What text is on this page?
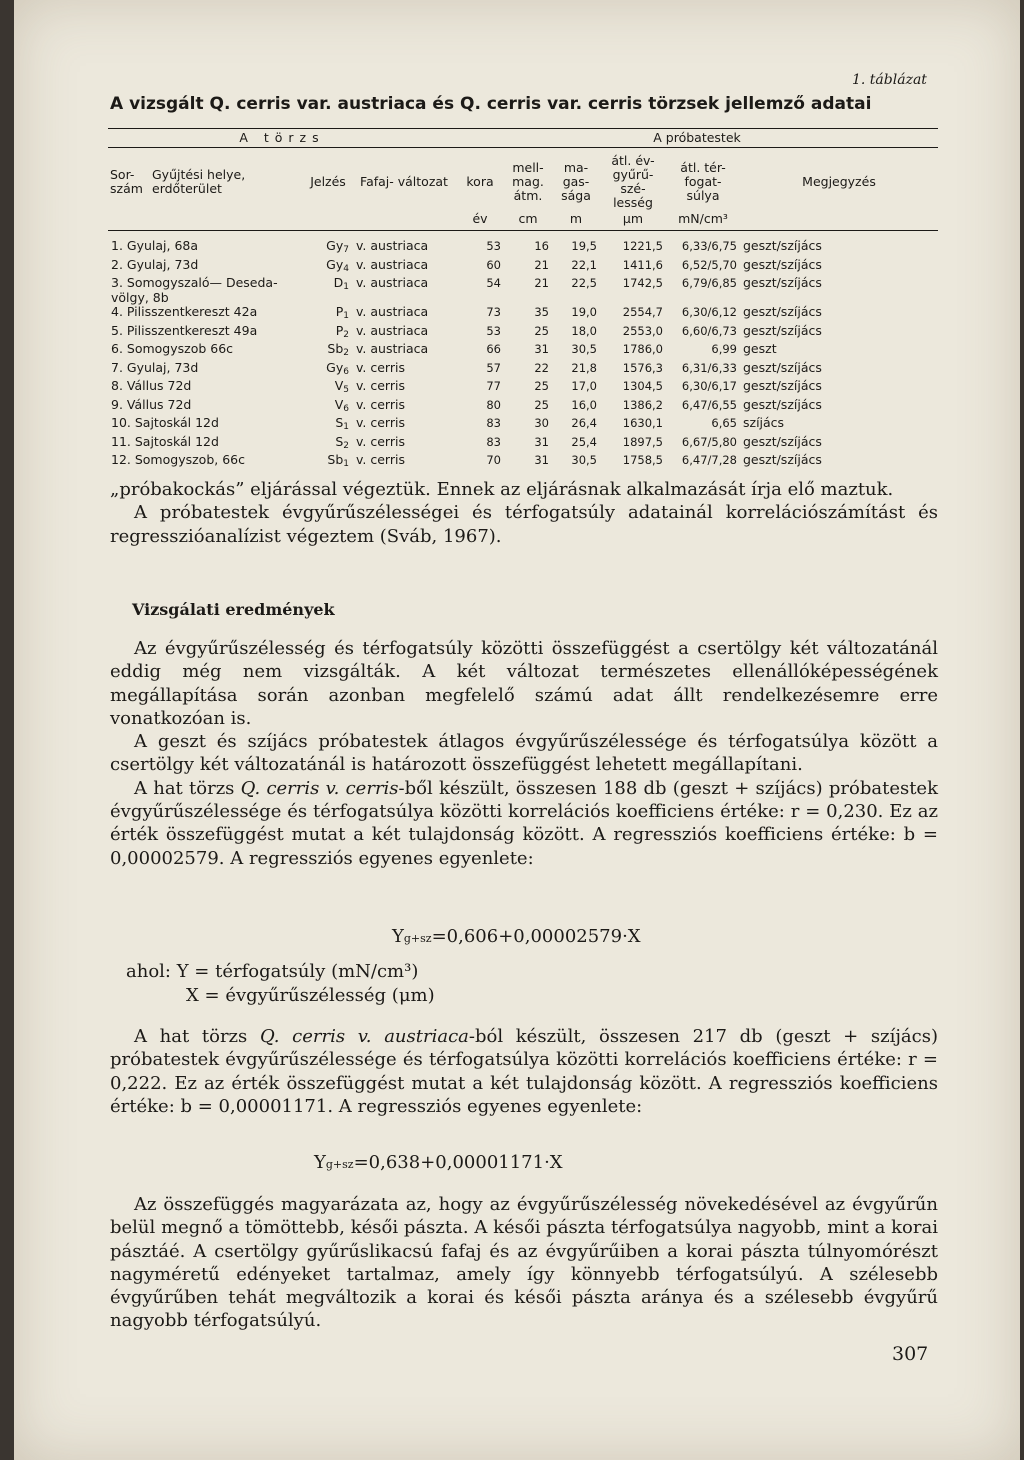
1. táblázat
A vizsgált Q. cerris var. austriaca és Q. cerris var. cerris törzsek jellemző adatai
A törzs				A próbatestek					
Sor- szám	Gyűjtési helye, erdőterület	Jelzés	Fafaj- változat	kora	mell- mag. átm.	ma- gas- sága	átl. év- gyűrű- szé- lesség	átl. tér- fogat- súlya	Megjegyzés
				év	cm	m	μm	mN/cm³	
1. Gyulaj, 68a		$Gy_7$	v. austriaca	53	16	19,5	1221,5	6,33/6,75	geszt/szíjács
2. Gyulaj, 73d		$Gy_4$	v. austriaca	60	21	22,1	1411,6	6,52/5,70	geszt/szíjács
3. Somogyszaló— Deseda-völgy, 8b		$D_1$	v. austriaca	54	21	22,5	1742,5	6,79/6,85	geszt/szíjács
4. Pilisszentkereszt 42a		$P_1$	v. austriaca	73	35	19,0	2554,7	6,30/6,12	geszt/szíjács
5. Pilisszentkereszt 49a		$P_2$	v. austriaca	53	25	18,0	2553,0	6,60/6,73	geszt/szíjács
6. Somogyszob 66c		$Sb_2$	v. austriaca	66	31	30,5	1786,0	6,99	geszt
7. Gyulaj, 73d		$Gy_6$	v. cerris	57	22	21,8	1576,3	6,31/6,33	geszt/szíjács
8. Vállus 72d		$V_5$	v. cerris	77	25	17,0	1304,5	6,30/6,17	geszt/szíjács
9. Vállus 72d		$V_6$	v. cerris	80	25	16,0	1386,2	6,47/6,55	geszt/szíjács
10. Sajtoskál 12d		$S_1$	v. cerris	83	30	26,4	1630,1	6,65	szíjács
11. Sajtoskál 12d		$S_2$	v. cerris	83	31	25,4	1897,5	6,67/5,80	geszt/szíjács
12. Somogyszob, 66c		$Sb_1$	v. cerris	70	31	30,5	1758,5	6,47/7,28	geszt/szíjács

„próbakockás” eljárással végeztük. Ennek az eljárásnak alkalmazását írja elő maztuk.

A próbatestek évgyűrűszélességei és térfogatsúly adatainál korrelációszámítást és regresszióanalízist végeztem (Sváb, 1967).

Vizsgálati eredmények

Az évgyűrűszélesség és térfogatsúly közötti összefüggést a csertölgy két változatánál eddig még nem vizsgálták. A két változat természetes ellenállóképességének megállapítása során azonban megfelelő számú adat állt rendelkezésemre erre vonatkozóan is.

A geszt és szíjács próbatestek átlagos évgyűrűszélessége és térfogatsúlya között a csertölgy két változatánál is határozott összefüggést lehetett megállapítani.

A hat törzs Q. cerris v. cerris-ből készült, összesen 188 db (geszt + szíjács) próbatestek évgyűrűszélessége és térfogatsúlya közötti korrelációs koefficiens értéke: r = 0,230. Ez az érték összefüggést mutat a két tulajdonság között. A regressziós koefficiens értéke: b = 0,00002579. A regressziós egyenes egyenlete:

Yg+sz=0,606+0,00002579·X
ahol: Y = térfogatsúly (mN/cm³)
X = évgyűrűszélesség (μm)

A hat törzs Q. cerris v. austriaca-ból készült, összesen 217 db (geszt + szíjács) próbatestek évgyűrűszélessége és térfogatsúlya közötti korrelációs koefficiens értéke: r = 0,222. Ez az érték összefüggést mutat a két tulajdonság között. A regressziós koefficiens értéke: b = 0,00001171. A regressziós egyenes egyenlete:

Yg+sz=0,638+0,00001171·X

Az összefüggés magyarázata az, hogy az évgyűrűszélesség növekedésével az évgyűrűn belül megnő a tömöttebb, késői pászta. A késői pászta térfogatsúlya nagyobb, mint a korai pásztáé. A csertölgy gyűrűslikacsú fafaj és az évgyűrűiben a korai pászta túlnyomórészt nagyméretű edényeket tartalmaz, amely így könnyebb térfogatsúlyú. A szélesebb évgyűrűben tehát megváltozik a korai és késői pászta aránya és a szélesebb évgyűrű nagyobb térfogatsúlyú.

307
